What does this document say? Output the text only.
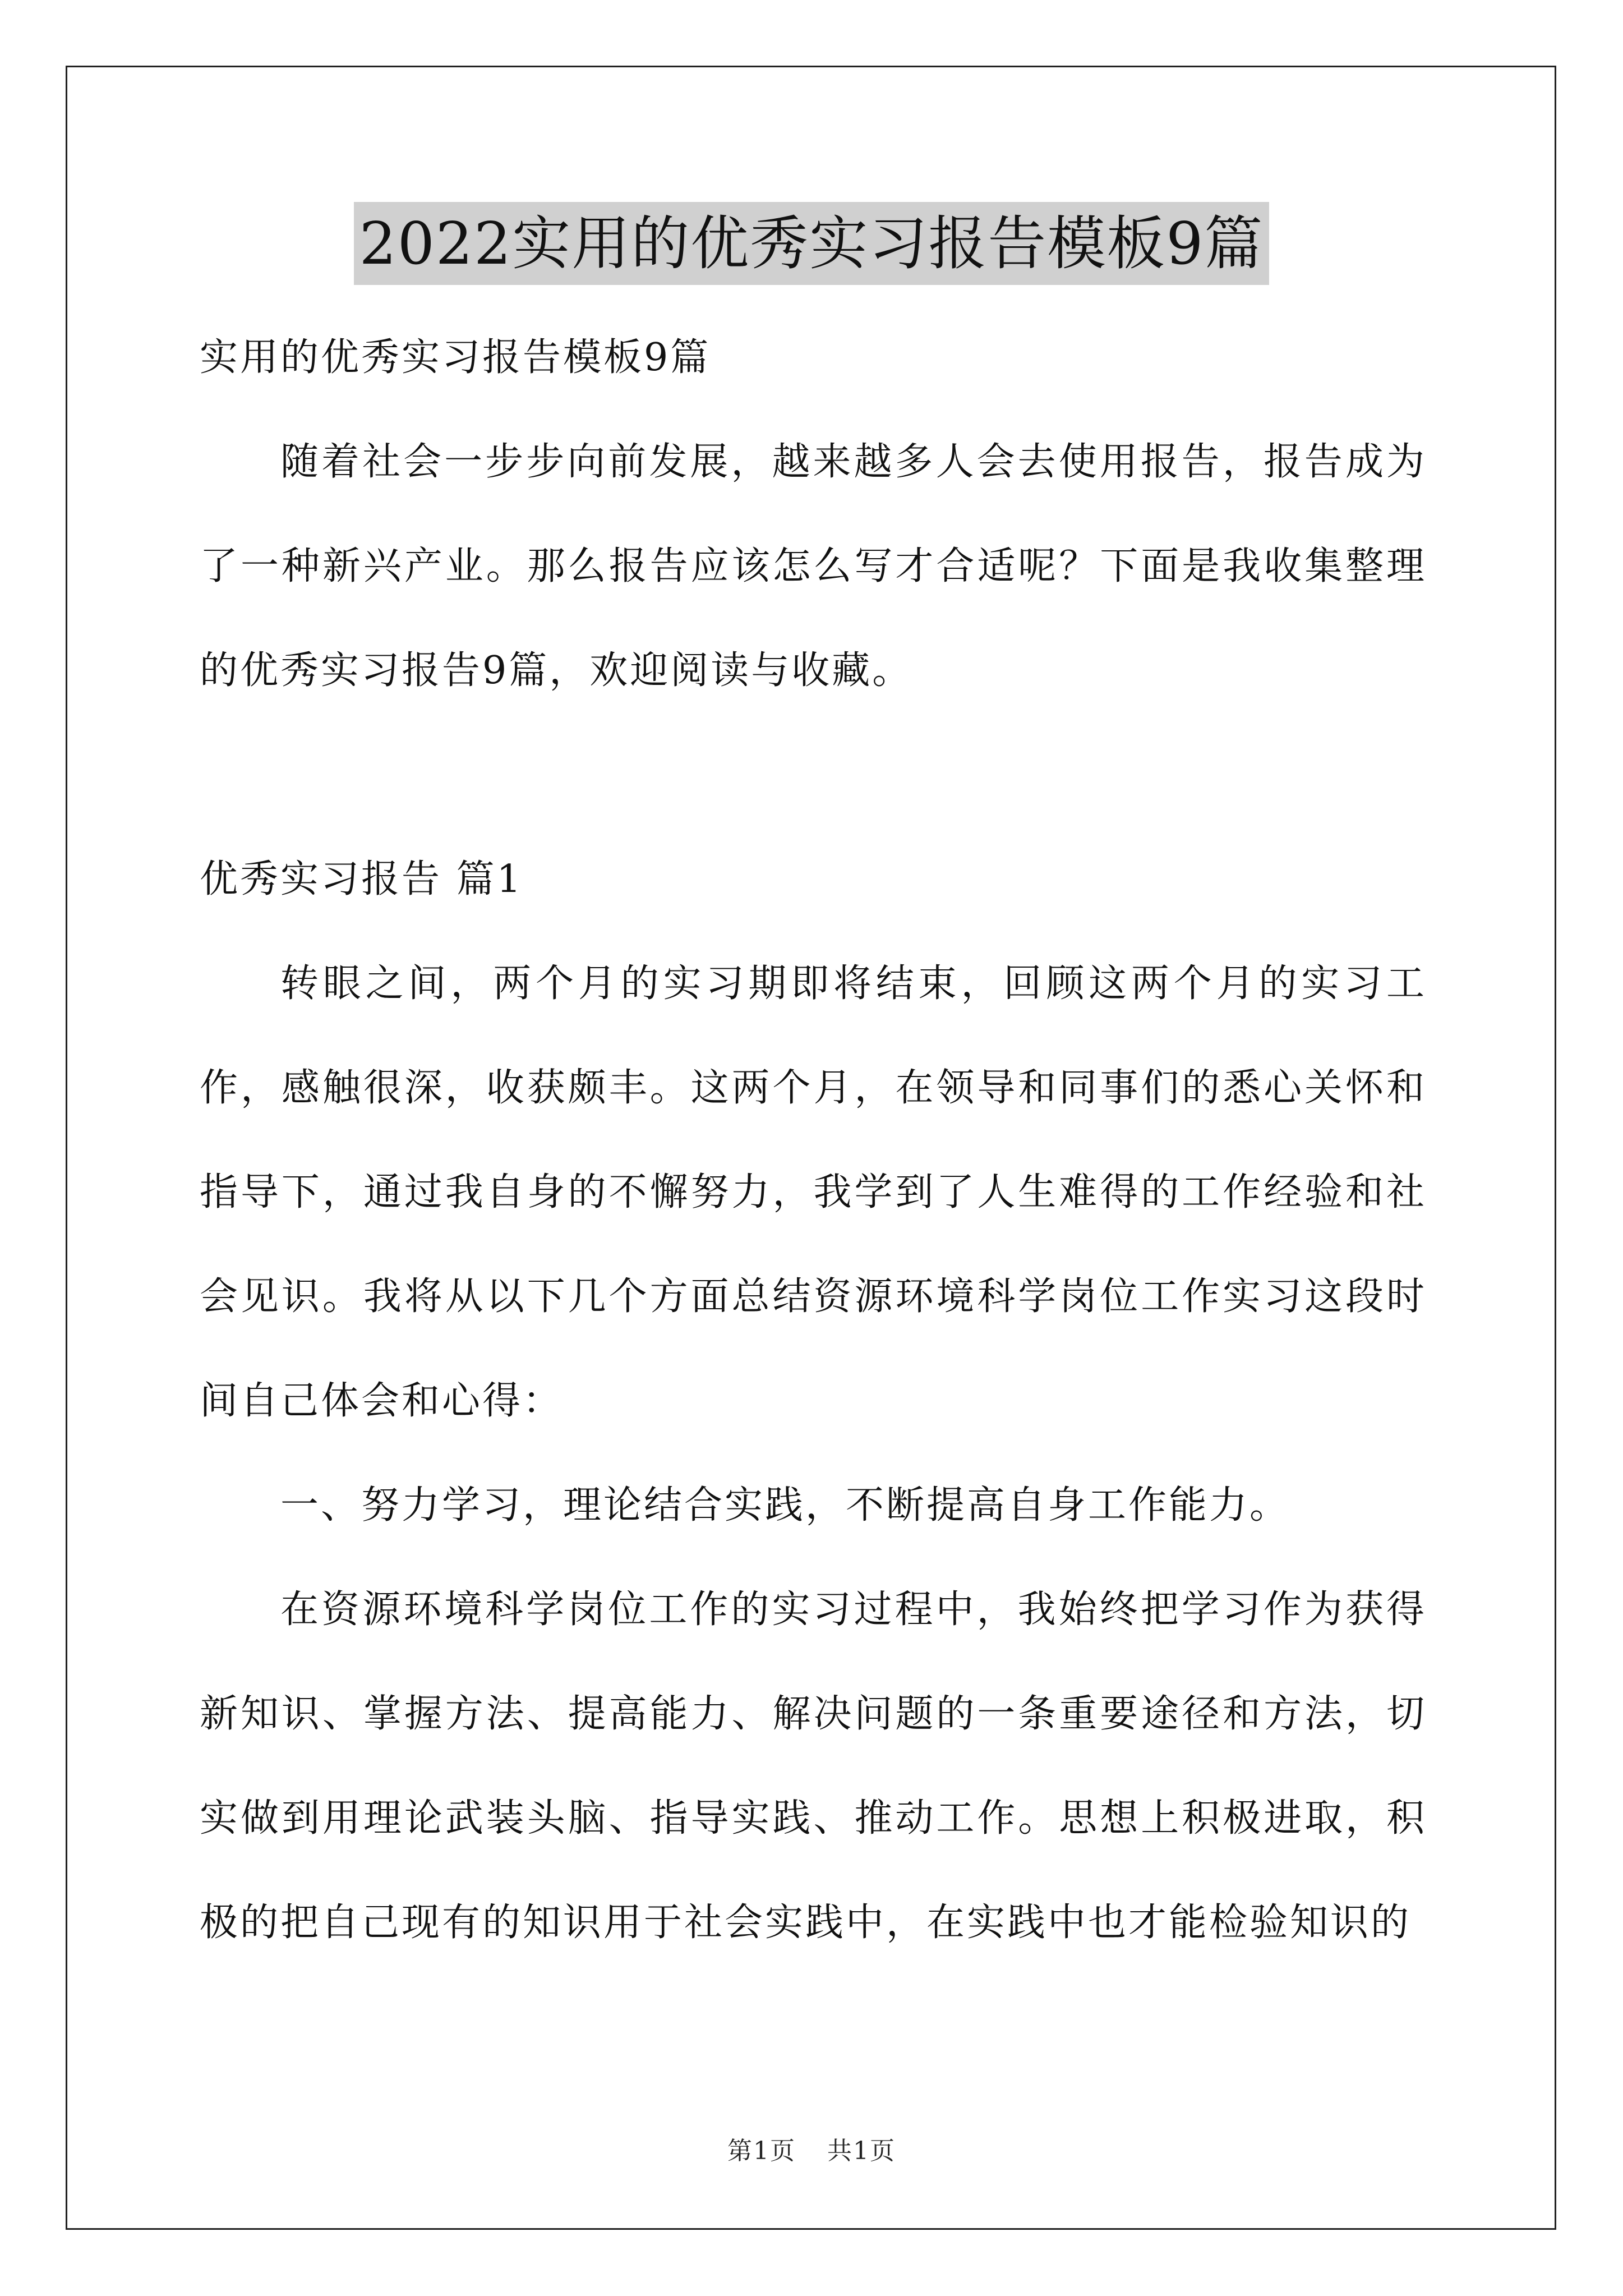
2022实用的优秀实习报告模板9篇

实用的优秀实习报告模板9篇

随着社会一步步向前发展，越来越多人会去使用报告，报告成为了一种新兴产业。那么报告应该怎么写才合适呢？下面是我收集整理的优秀实习报告9篇，欢迎阅读与收藏。

优秀实习报告 篇1

转眼之间，两个月的实习期即将结束，回顾这两个月的实习工作，感触很深，收获颇丰。这两个月，在领导和同事们的悉心关怀和指导下，通过我自身的不懈努力，我学到了人生难得的工作经验和社会见识。我将从以下几个方面总结资源环境科学岗位工作实习这段时间自己体会和心得：

一、努力学习，理论结合实践，不断提高自身工作能力。

在资源环境科学岗位工作的实习过程中，我始终把学习作为获得新知识、掌握方法、提高能力、解决问题的一条重要途径和方法，切实做到用理论武装头脑、指导实践、推动工作。思想上积极进取，积极的把自己现有的知识用于社会实践中，在实践中也才能检验知识的

第1页 共1页
